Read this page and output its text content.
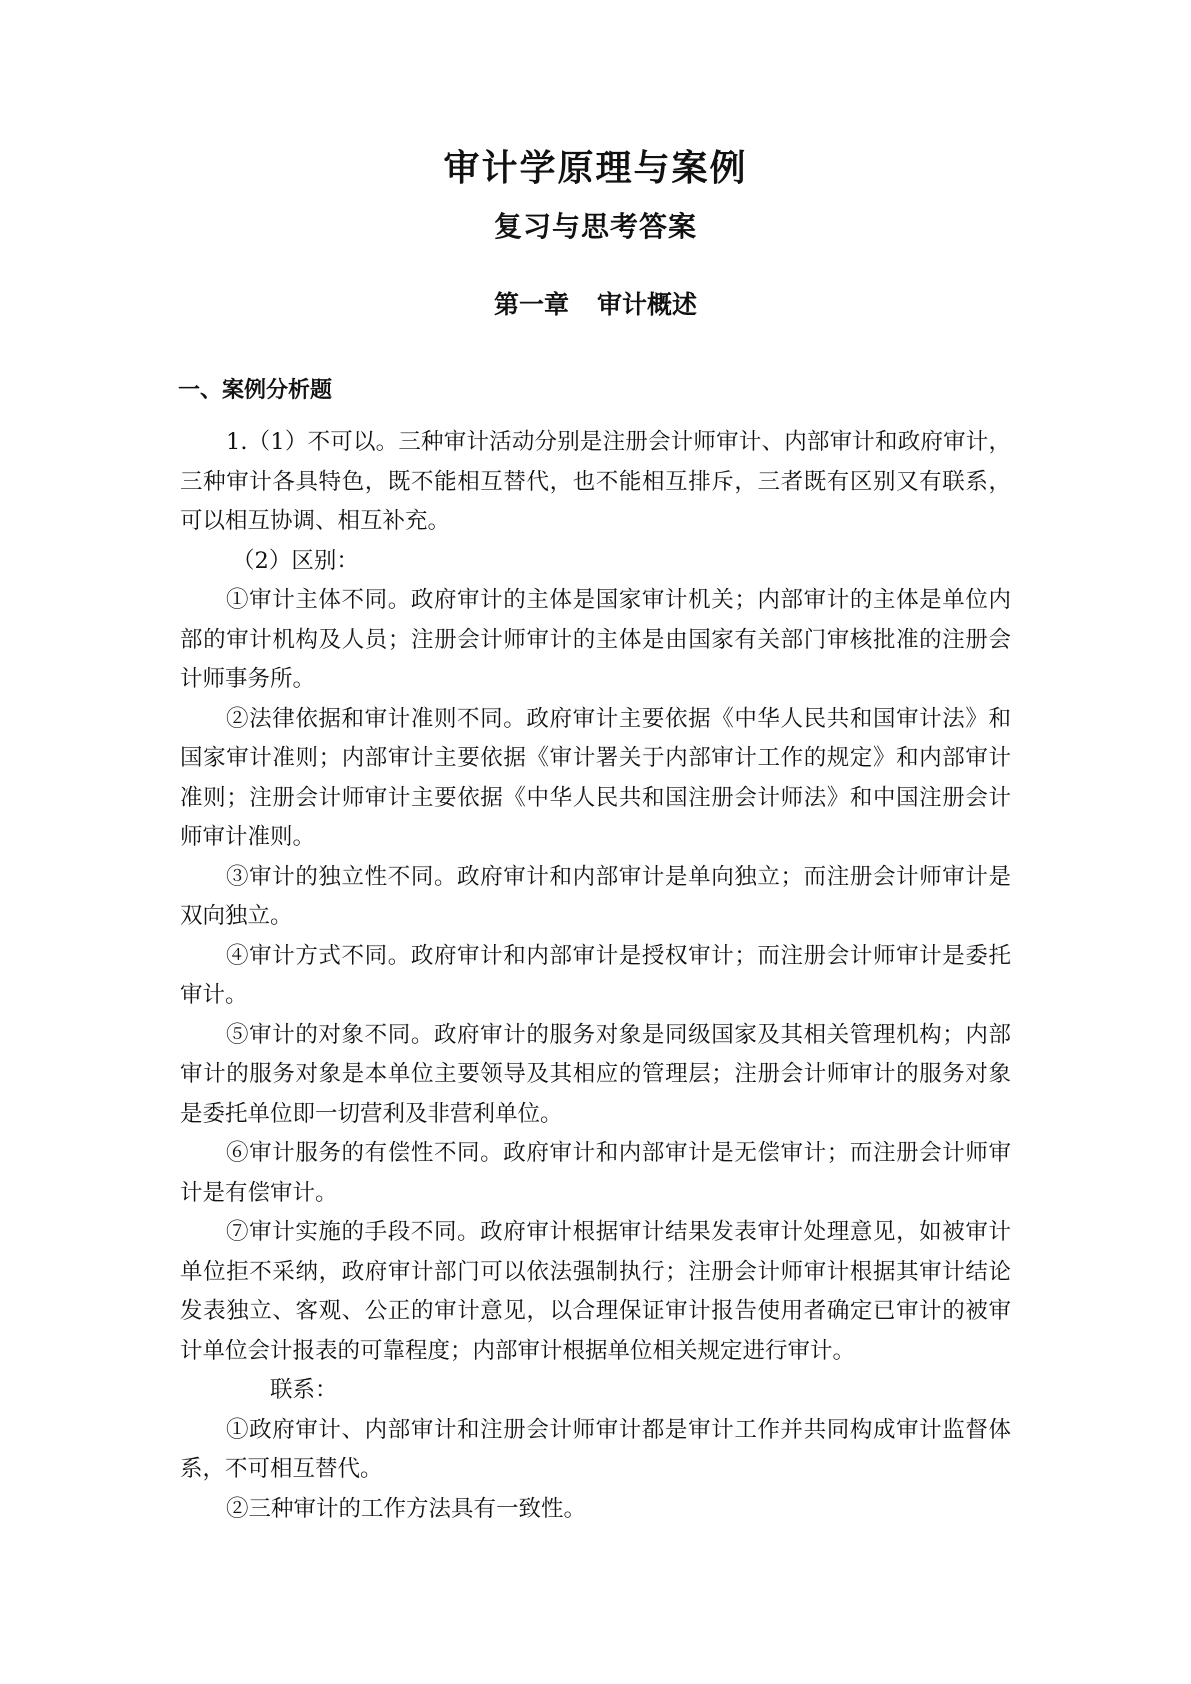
审计学原理与案例
复习与思考答案
第一章 审计概述
一、案例分析题

1.（1）不可以。三种审计活动分别是注册会计师审计、内部审计和政府审计，三种审计各具特色，既不能相互替代，也不能相互排斥，三者既有区别又有联系，可以相互协调、相互补充。

（2）区别：

①审计主体不同。政府审计的主体是国家审计机关；内部审计的主体是单位内部的审计机构及人员；注册会计师审计的主体是由国家有关部门审核批准的注册会计师事务所。

②法律依据和审计准则不同。政府审计主要依据《中华人民共和国审计法》和国家审计准则；内部审计主要依据《审计署关于内部审计工作的规定》和内部审计准则；注册会计师审计主要依据《中华人民共和国注册会计师法》和中国注册会计师审计准则。

③审计的独立性不同。政府审计和内部审计是单向独立；而注册会计师审计是双向独立。

④审计方式不同。政府审计和内部审计是授权审计；而注册会计师审计是委托审计。

⑤审计的对象不同。政府审计的服务对象是同级国家及其相关管理机构；内部审计的服务对象是本单位主要领导及其相应的管理层；注册会计师审计的服务对象是委托单位即一切营利及非营利单位。

⑥审计服务的有偿性不同。政府审计和内部审计是无偿审计；而注册会计师审计是有偿审计。

⑦审计实施的手段不同。政府审计根据审计结果发表审计处理意见，如被审计单位拒不采纳，政府审计部门可以依法强制执行；注册会计师审计根据其审计结论发表独立、客观、公正的审计意见，以合理保证审计报告使用者确定已审计的被审计单位会计报表的可靠程度；内部审计根据单位相关规定进行审计。

联系：

①政府审计、内部审计和注册会计师审计都是审计工作并共同构成审计监督体系，不可相互替代。

②三种审计的工作方法具有一致性。
